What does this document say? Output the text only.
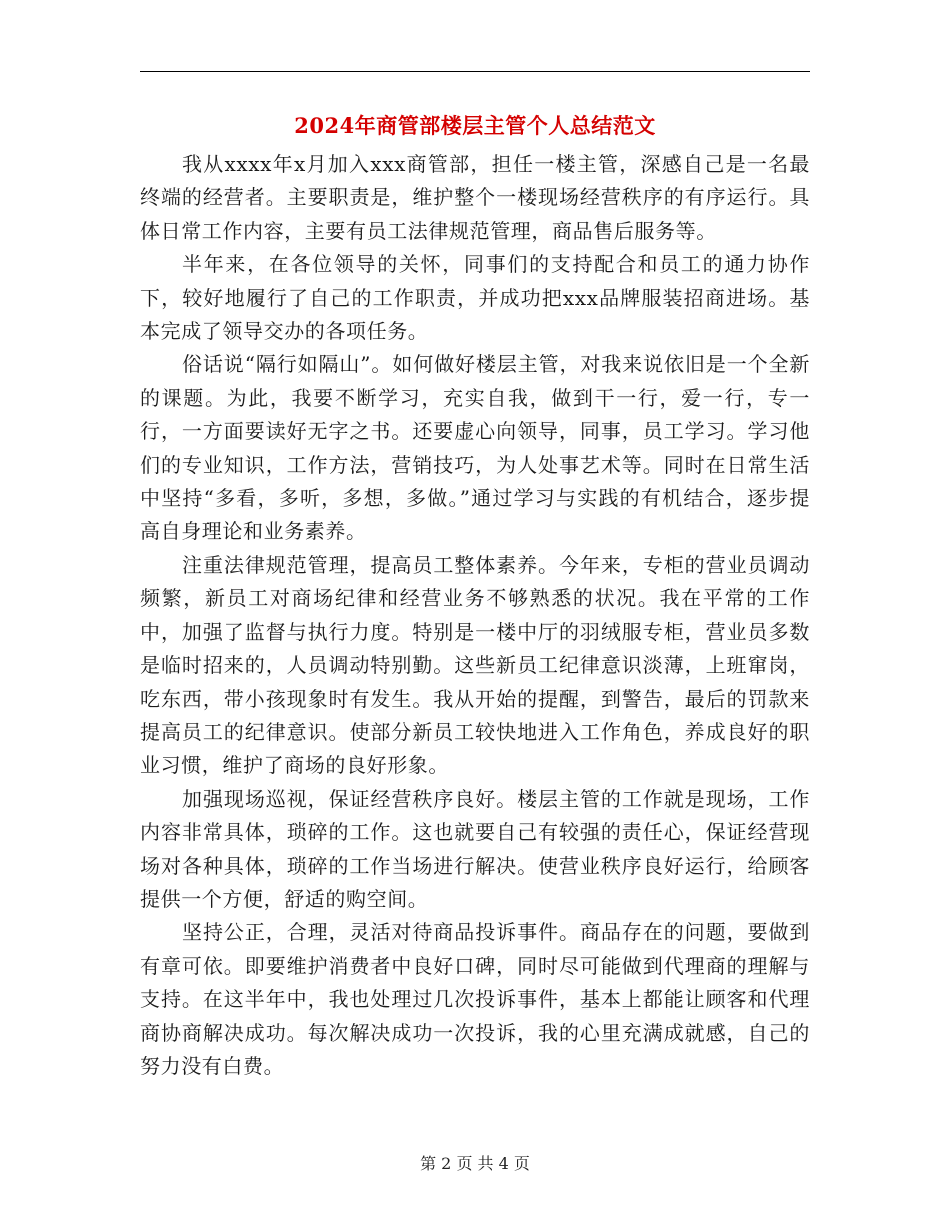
2024年商管部楼层主管个人总结范文

我从xxxx年x月加入xxx商管部，担任一楼主管，深感自己是一名最终端的经营者。主要职责是，维护整个一楼现场经营秩序的有序运行。具体日常工作内容，主要有员工法律规范管理，商品售后服务等。

半年来，在各位领导的关怀，同事们的支持配合和员工的通力协作下，较好地履行了自己的工作职责，并成功把xxx品牌服装招商进场。基本完成了领导交办的各项任务。

俗话说“隔行如隔山”。如何做好楼层主管，对我来说依旧是一个全新的课题。为此，我要不断学习，充实自我，做到干一行，爱一行，专一行，一方面要读好无字之书。还要虚心向领导，同事，员工学习。学习他们的专业知识，工作方法，营销技巧，为人处事艺术等。同时在日常生活中坚持“多看，多听，多想，多做。”通过学习与实践的有机结合，逐步提高自身理论和业务素养。

注重法律规范管理，提高员工整体素养。今年来，专柜的营业员调动频繁，新员工对商场纪律和经营业务不够熟悉的状况。我在平常的工作中，加强了监督与执行力度。特别是一楼中厅的羽绒服专柜，营业员多数是临时招来的，人员调动特别勤。这些新员工纪律意识淡薄，上班窜岗，吃东西，带小孩现象时有发生。我从开始的提醒，到警告，最后的罚款来提高员工的纪律意识。使部分新员工较快地进入工作角色，养成良好的职业习惯，维护了商场的良好形象。

加强现场巡视，保证经营秩序良好。楼层主管的工作就是现场，工作内容非常具体，琐碎的工作。这也就要自己有较强的责任心，保证经营现场对各种具体，琐碎的工作当场进行解决。使营业秩序良好运行，给顾客提供一个方便，舒适的购空间。

坚持公正，合理，灵活对待商品投诉事件。商品存在的问题，要做到有章可依。即要维护消费者中良好口碑，同时尽可能做到代理商的理解与支持。在这半年中，我也处理过几次投诉事件，基本上都能让顾客和代理商协商解决成功。每次解决成功一次投诉，我的心里充满成就感，自己的努力没有白费。

第 2 页 共 4 页
